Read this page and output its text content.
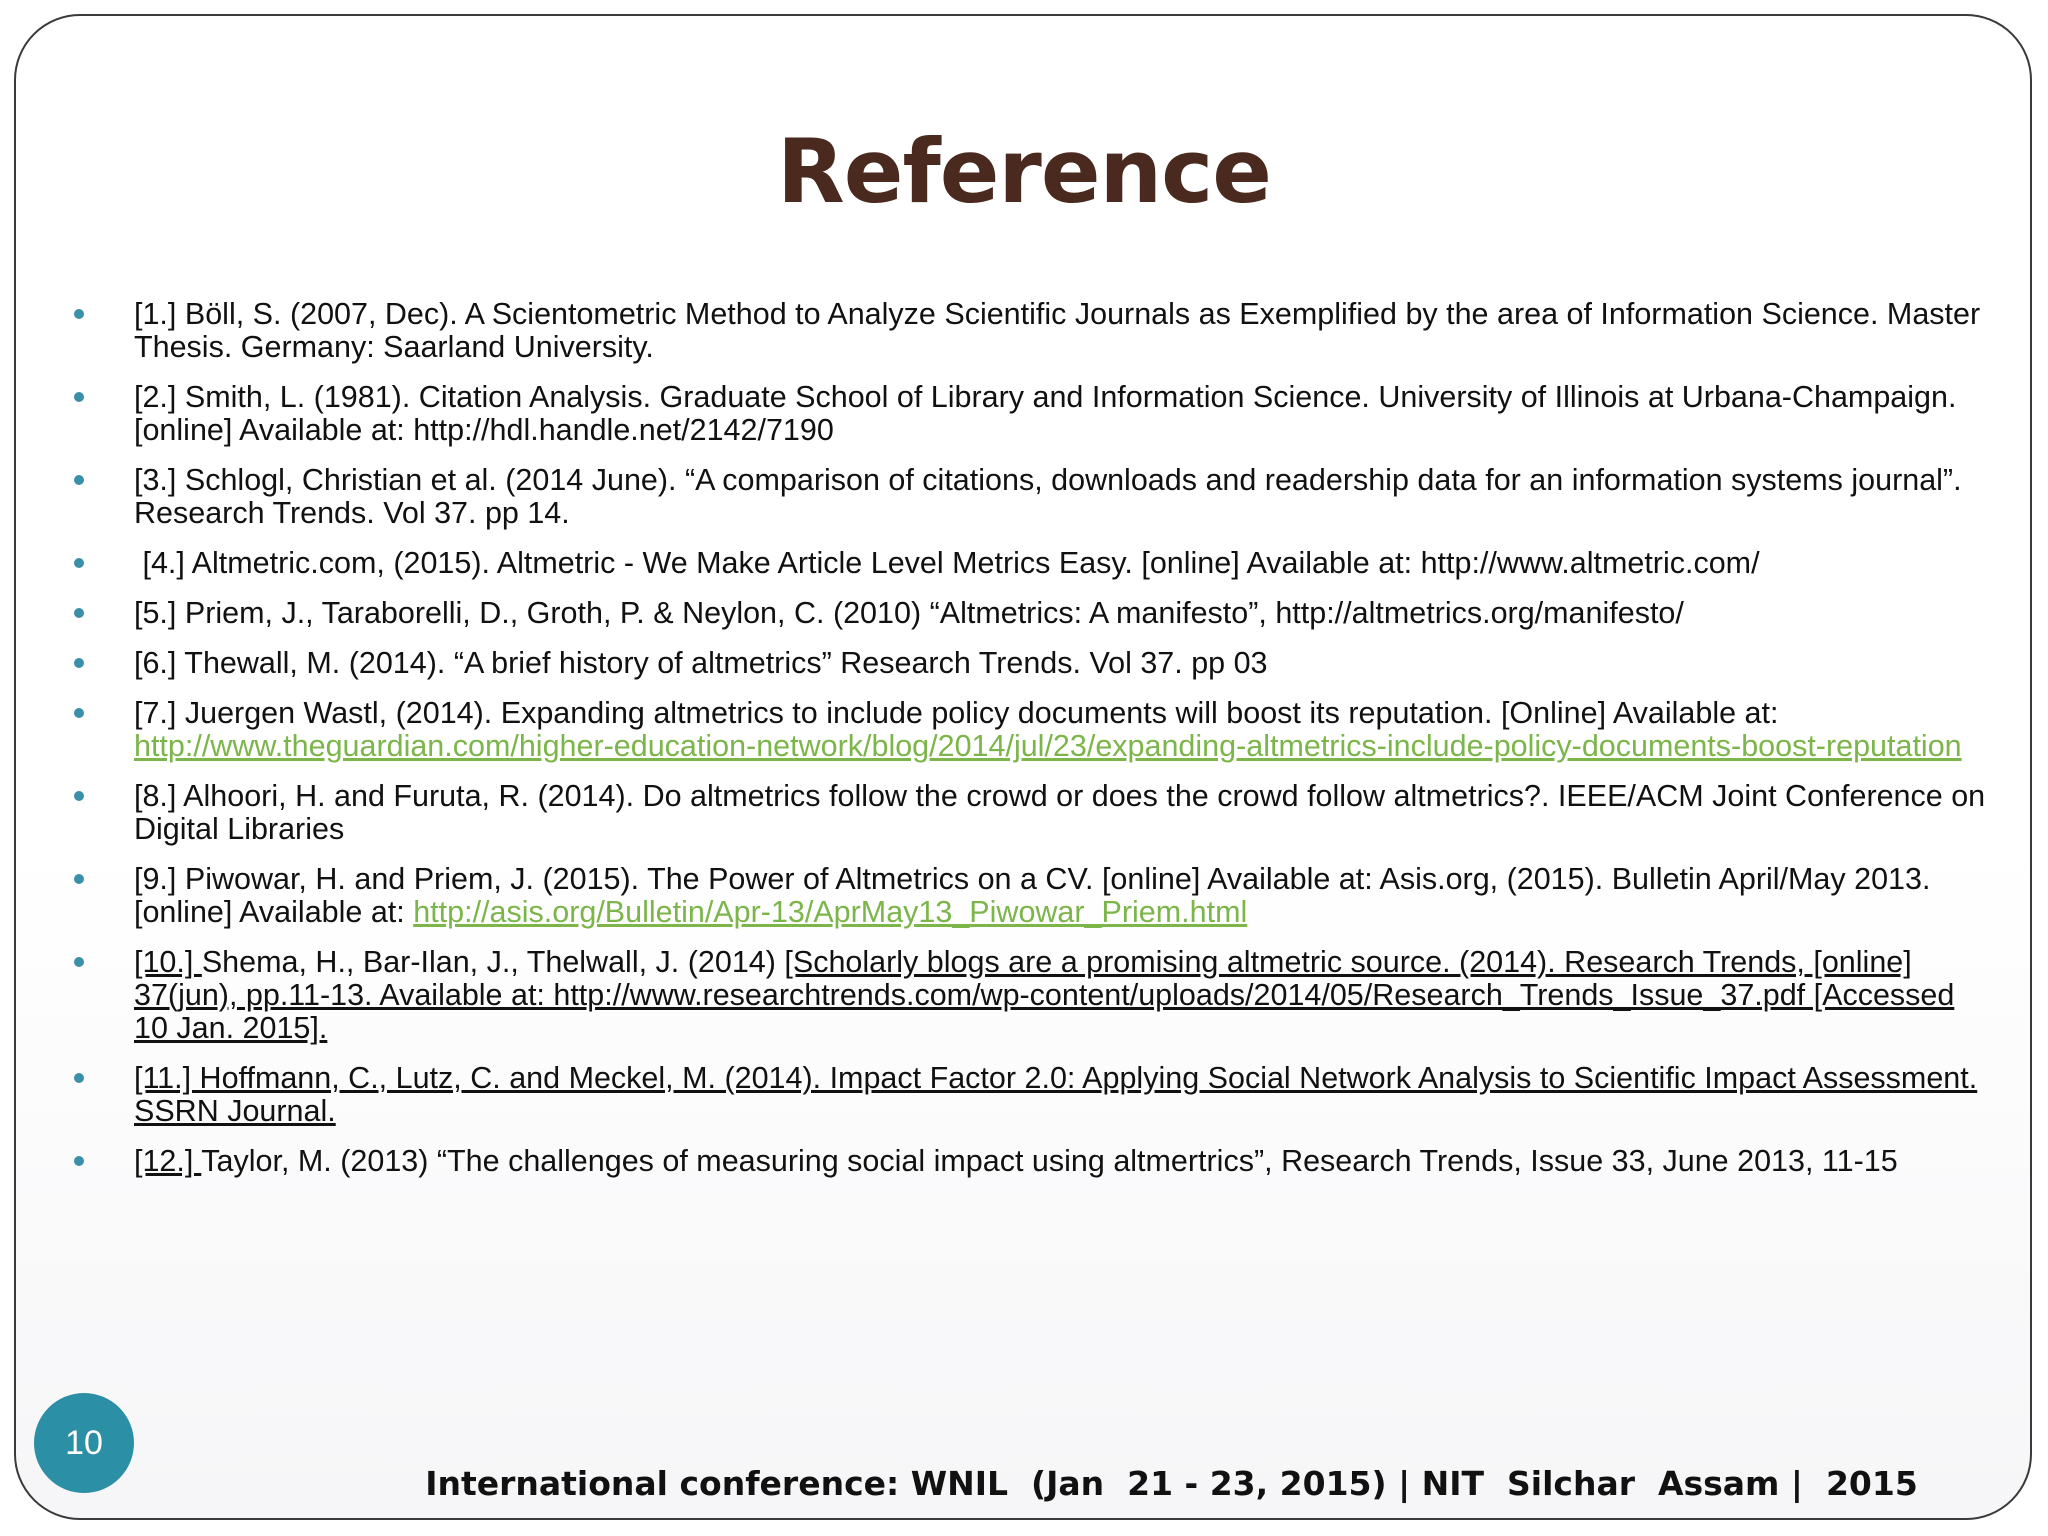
Reference
[1.] Böll, S. (2007, Dec). A Scientometric Method to Analyze Scientific Journals as Exemplified by the area of Information Science. Master Thesis. Germany: Saarland University.
[2.] Smith, L. (1981). Citation Analysis. Graduate School of Library and Information Science. University of Illinois at Urbana-Champaign. [online] Available at: http://hdl.handle.net/2142/7190
[3.] Schlogl, Christian et al. (2014 June). “A comparison of citations, downloads and readership data for an information systems journal”. Research Trends. Vol 37. pp 14.
[4.] Altmetric.com, (2015). Altmetric - We Make Article Level Metrics Easy. [online] Available at: http://www.altmetric.com/
[5.] Priem, J., Taraborelli, D., Groth, P. & Neylon, C. (2010) “Altmetrics: A manifesto”, http://altmetrics.org/manifesto/
[6.] Thewall, M. (2014). “A brief history of altmetrics” Research Trends. Vol 37. pp 03
[7.] Juergen Wastl, (2014). Expanding altmetrics to include policy documents will boost its reputation. [Online] Available at: http://www.theguardian.com/higher-education-network/blog/2014/jul/23/expanding-altmetrics-include-policy-documents-boost-reputation
[8.] Alhoori, H. and Furuta, R. (2014). Do altmetrics follow the crowd or does the crowd follow altmetrics?. IEEE/ACM Joint Conference on Digital Libraries
[9.] Piwowar, H. and Priem, J. (2015). The Power of Altmetrics on a CV. [online] Available at: Asis.org, (2015). Bulletin April/May 2013. [online] Available at: http://asis.org/Bulletin/Apr-13/AprMay13_Piwowar_Priem.html
[10.] Shema, H., Bar-Ilan, J., Thelwall, J. (2014) [Scholarly blogs are a promising altmetric source. (2014). Research Trends, [online] 37(jun), pp.11-13. Available at: http://www.researchtrends.com/wp-content/uploads/2014/05/Research_Trends_Issue_37.pdf [Accessed 10 Jan. 2015].
[11.] Hoffmann, C., Lutz, C. and Meckel, M. (2014). Impact Factor 2.0: Applying Social Network Analysis to Scientific Impact Assessment. SSRN Journal.
[12.] Taylor, M. (2013) “The challenges of measuring social impact using altmertrics”, Research Trends, Issue 33, June 2013, 11-15
10
International conference: WNIL  (Jan  21 - 23, 2015) | NIT  Silchar  Assam |  2015
